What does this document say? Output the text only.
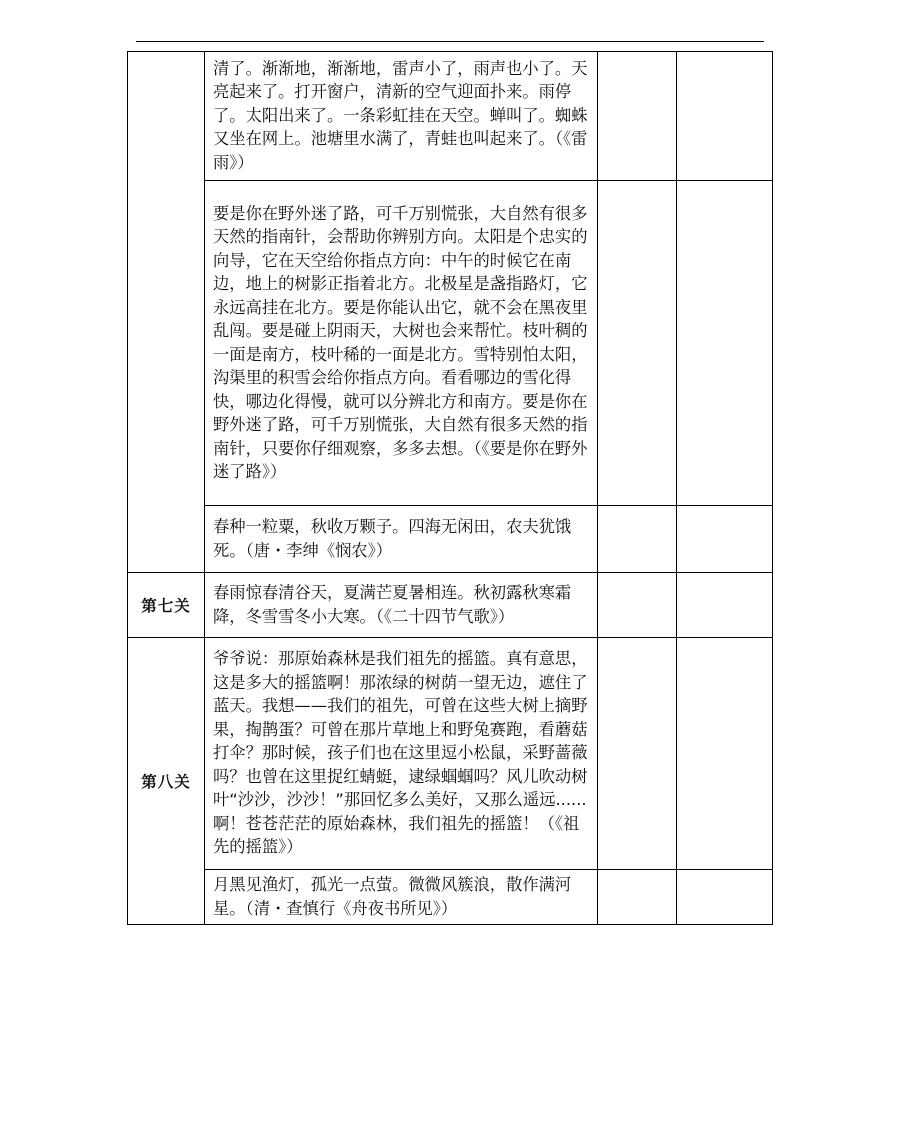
	清了。渐渐地，渐渐地，雷声小了，雨声也小了。天亮起来了。打开窗户，清新的空气迎面扑来。雨停了。太阳出来了。一条彩虹挂在天空。蝉叫了。蜘蛛又坐在网上。池塘里水满了，青蛙也叫起来了。（《雷雨》）		
	要是你在野外迷了路，可千万别慌张，大自然有很多天然的指南针，会帮助你辨别方向。太阳是个忠实的向导，它在天空给你指点方向：中午的时候它在南边，地上的树影正指着北方。北极星是盏指路灯，它永远高挂在北方。要是你能认出它，就不会在黑夜里乱闯。要是碰上阴雨天，大树也会来帮忙。枝叶稠的一面是南方，枝叶稀的一面是北方。雪特别怕太阳，沟渠里的积雪会给你指点方向。看看哪边的雪化得快，哪边化得慢，就可以分辨北方和南方。要是你在野外迷了路，可千万别慌张，大自然有很多天然的指南针，只要你仔细观察，多多去想。（《要是你在野外迷了路》）		
	春种一粒粟，秋收万颗子。四海无闲田，农夫犹饿死。（唐・李绅《悯农》）		
第七关	春雨惊春清谷天，夏满芒夏暑相连。秋初露秋寒霜降，冬雪雪冬小大寒。（《二十四节气歌》）		
第八关	爷爷说：那原始森林是我们祖先的摇篮。真有意思，这是多大的摇篮啊！那浓绿的树荫一望无边，遮住了蓝天。我想——我们的祖先，可曾在这些大树上摘野果，掏鹊蛋？可曾在那片草地上和野兔赛跑，看蘑菇打伞？那时候，孩子们也在这里逗小松鼠，采野蔷薇吗？也曾在这里捉红蜻蜓，逮绿蝈蝈吗？风儿吹动树叶“沙沙，沙沙！”那回忆多么美好，又那么遥远......啊！苍苍茫茫的原始森林，我们祖先的摇篮！（《祖先的摇篮》）		
	月黑见渔灯，孤光一点萤。微微风簇浪，散作满河星。（清・查慎行《舟夜书所见》）		
